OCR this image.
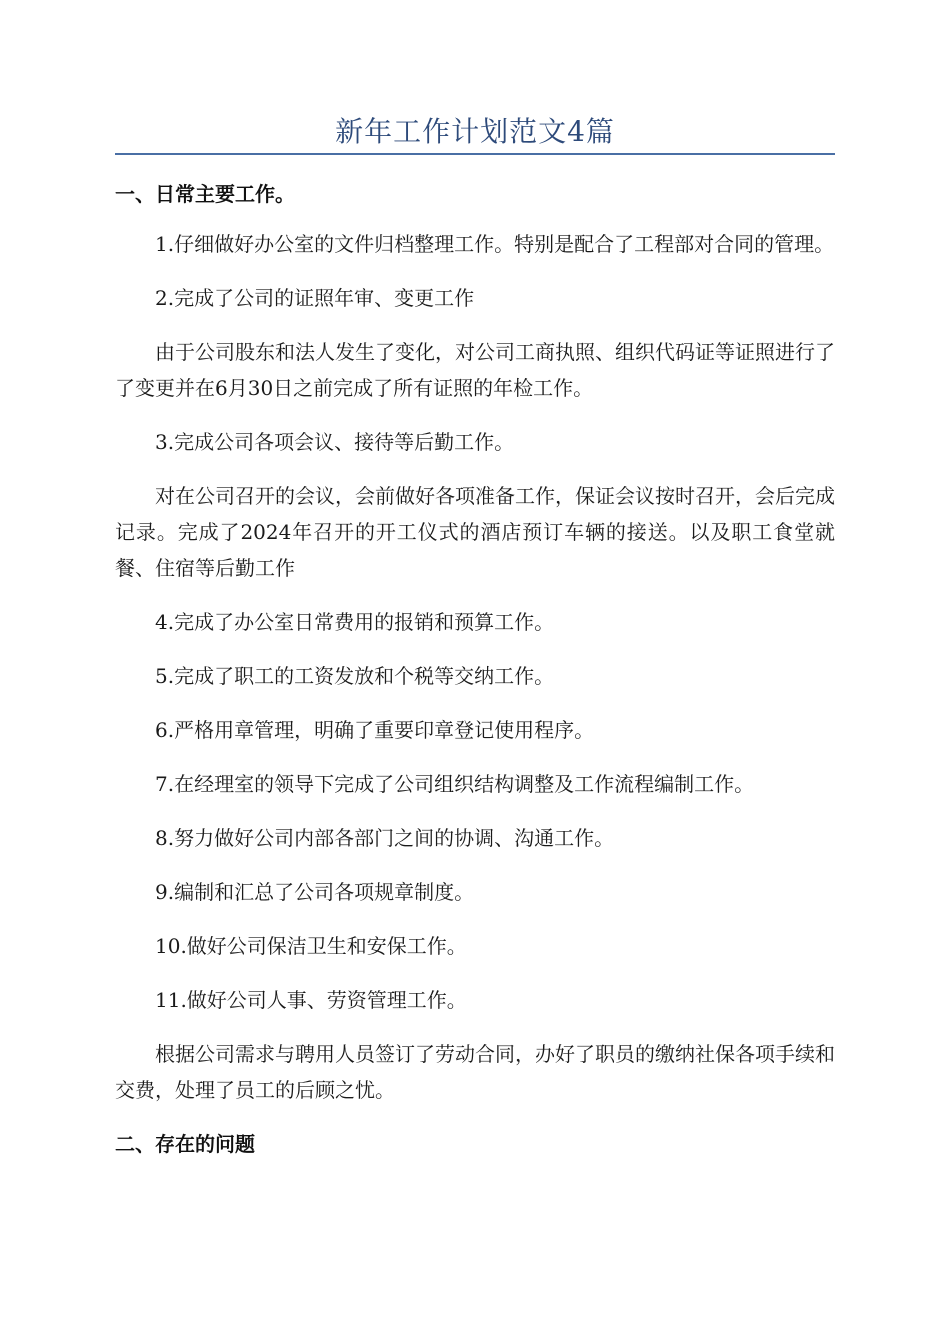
新年工作计划范文4篇
一、日常主要工作。

1.仔细做好办公室的文件归档整理工作。特别是配合了工程部对合同的管理。

2.完成了公司的证照年审、变更工作

由于公司股东和法人发生了变化，对公司工商执照、组织代码证等证照进行了了变更并在6月30日之前完成了所有证照的年检工作。

3.完成公司各项会议、接待等后勤工作。

对在公司召开的会议，会前做好各项准备工作，保证会议按时召开，会后完成记录。完成了2024年召开的开工仪式的酒店预订车辆的接送。以及职工食堂就餐、住宿等后勤工作

4.完成了办公室日常费用的报销和预算工作。

5.完成了职工的工资发放和个税等交纳工作。

6.严格用章管理，明确了重要印章登记使用程序。

7.在经理室的领导下完成了公司组织结构调整及工作流程编制工作。

8.努力做好公司内部各部门之间的协调、沟通工作。

9.编制和汇总了公司各项规章制度。

10.做好公司保洁卫生和安保工作。

11.做好公司人事、劳资管理工作。

根据公司需求与聘用人员签订了劳动合同，办好了职员的缴纳社保各项手续和交费，处理了员工的后顾之忧。

二、存在的问题
